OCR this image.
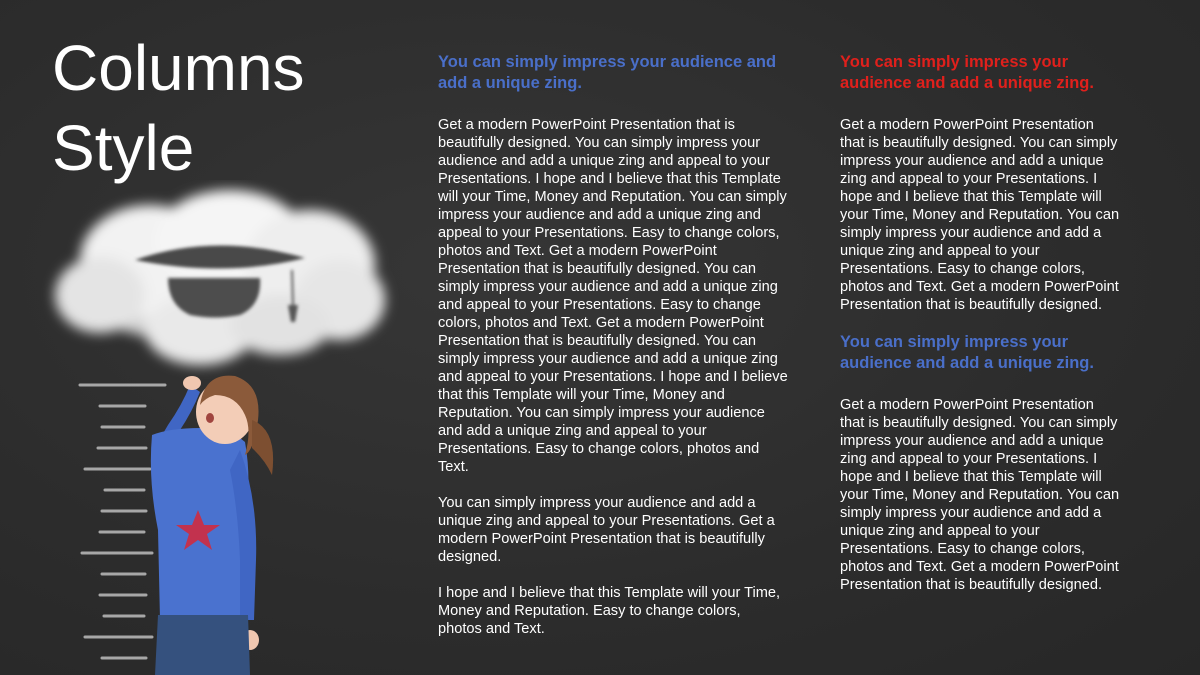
Columns
Style
You can simply impress your audience and add a unique zing.

Get a modern PowerPoint Presentation that is beautifully designed. You can simply impress your audience and add a unique zing and appeal to your Presentations. I hope and I believe that this Template will your Time, Money and Reputation. You can simply impress your audience and add a unique zing and appeal to your Presentations. Easy to change colors, photos and Text. Get a modern PowerPoint Presentation that is beautifully designed. You can simply impress your audience and add a unique zing and appeal to your Presentations. Easy to change colors, photos and Text. Get a modern PowerPoint Presentation that is beautifully designed. You can simply impress your audience and add a unique zing and appeal to your Presentations. I hope and I believe that this Template will your Time, Money and Reputation. You can simply impress your audience and add a unique zing and appeal to your Presentations. Easy to change colors, photos and Text.

You can simply impress your audience and add a unique zing and appeal to your Presentations. Get a modern PowerPoint Presentation that is beautifully designed.

I hope and I believe that this Template will your Time, Money and Reputation. Easy to change colors, photos and Text.

You can simply impress your audience and add a unique zing.

Get a modern PowerPoint Presentation that is beautifully designed. You can simply impress your audience and add a unique zing and appeal to your Presentations. I hope and I believe that this Template will your Time, Money and Reputation. You can simply impress your audience and add a unique zing and appeal to your Presentations. Easy to change colors, photos and Text. Get a modern PowerPoint Presentation that is beautifully designed.

You can simply impress your audience and add a unique zing.

Get a modern PowerPoint Presentation that is beautifully designed. You can simply impress your audience and add a unique zing and appeal to your Presentations. I hope and I believe that this Template will your Time, Money and Reputation. You can simply impress your audience and add a unique zing and appeal to your Presentations. Easy to change colors, photos and Text. Get a modern PowerPoint Presentation that is beautifully designed.
